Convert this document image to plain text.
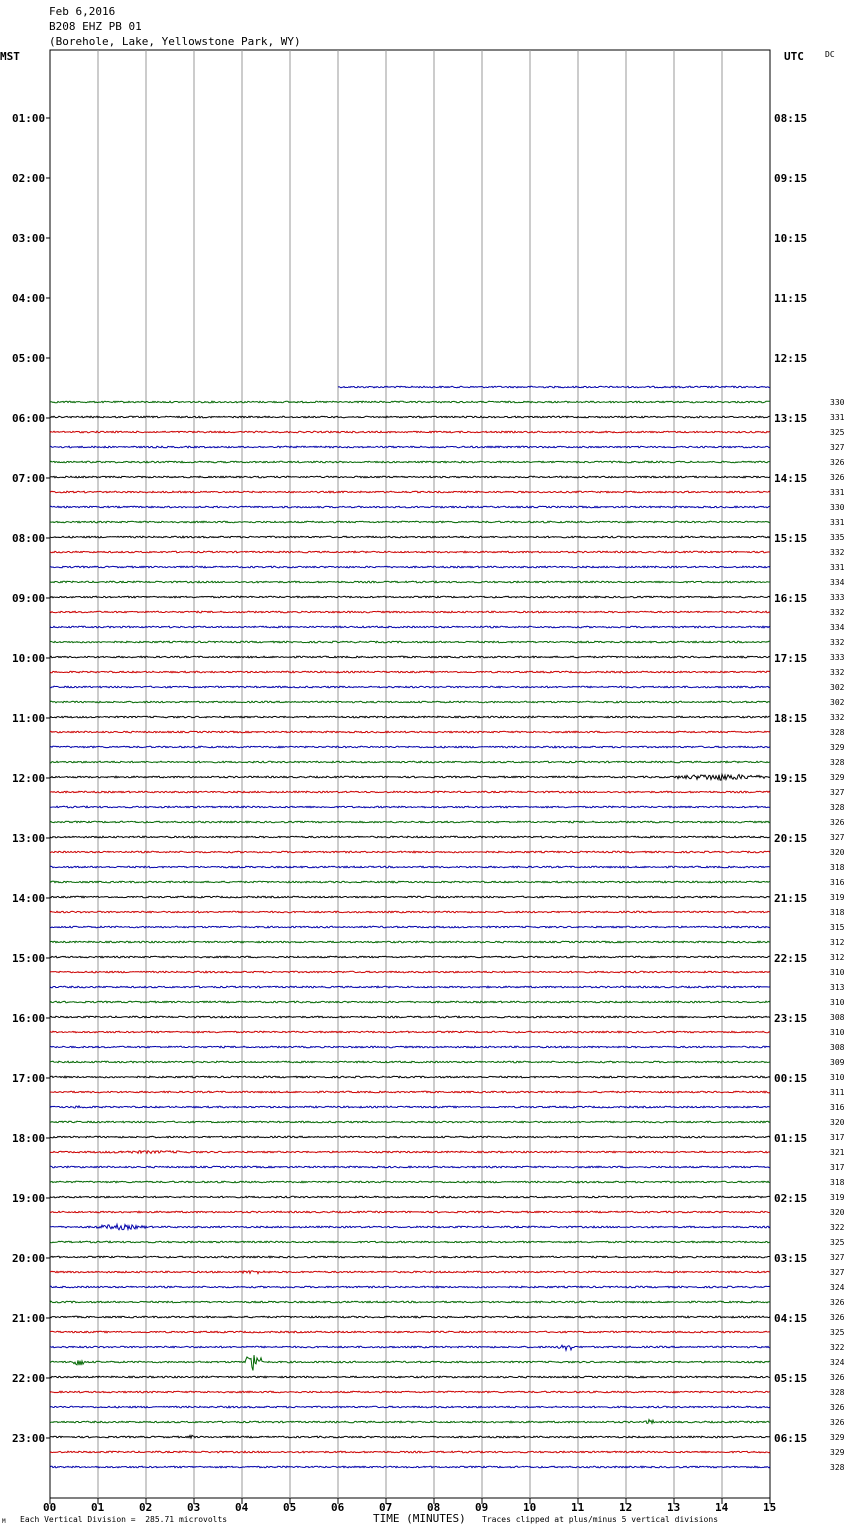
Feb 6,2016
B208 EHZ PB 01
(Borehole, Lake, Yellowstone Park, WY)
MST	UTC	DC
00	01	02	03	04	05	06	07	08	09	10	11	12	13	14	15
01:00
02:00
03:00
04:00
05:00
06:00
07:00
08:00
09:00
10:00
11:00
12:00
13:00
14:00
15:00
16:00
17:00
18:00
19:00
20:00
21:00
22:00
23:00
08:15
09:15
10:15
11:15
12:15
13:15
14:15
15:15
16:15
17:15
18:15
19:15
20:15
21:15
22:15
23:15
00:15
01:15
02:15
03:15
04:15
05:15
06:15
330
331
325
327
326
326
331
330
331
335
332
331
334
333
332
334
332
333
332
302
302
332
328
329
328
329
327
328
326
327
320
318
316
319
318
315
312
312
310
313
310
308
310
308
309
310
311
316
320
317
321
317
318
319
320
322
325
327
327
324
326
326
325
322
324
326
328
326
326
329
329
328
M Each Vertical Division =  285.71 microvolts	TIME (MINUTES) Traces clipped at plus/minus 5 vertical divisions
